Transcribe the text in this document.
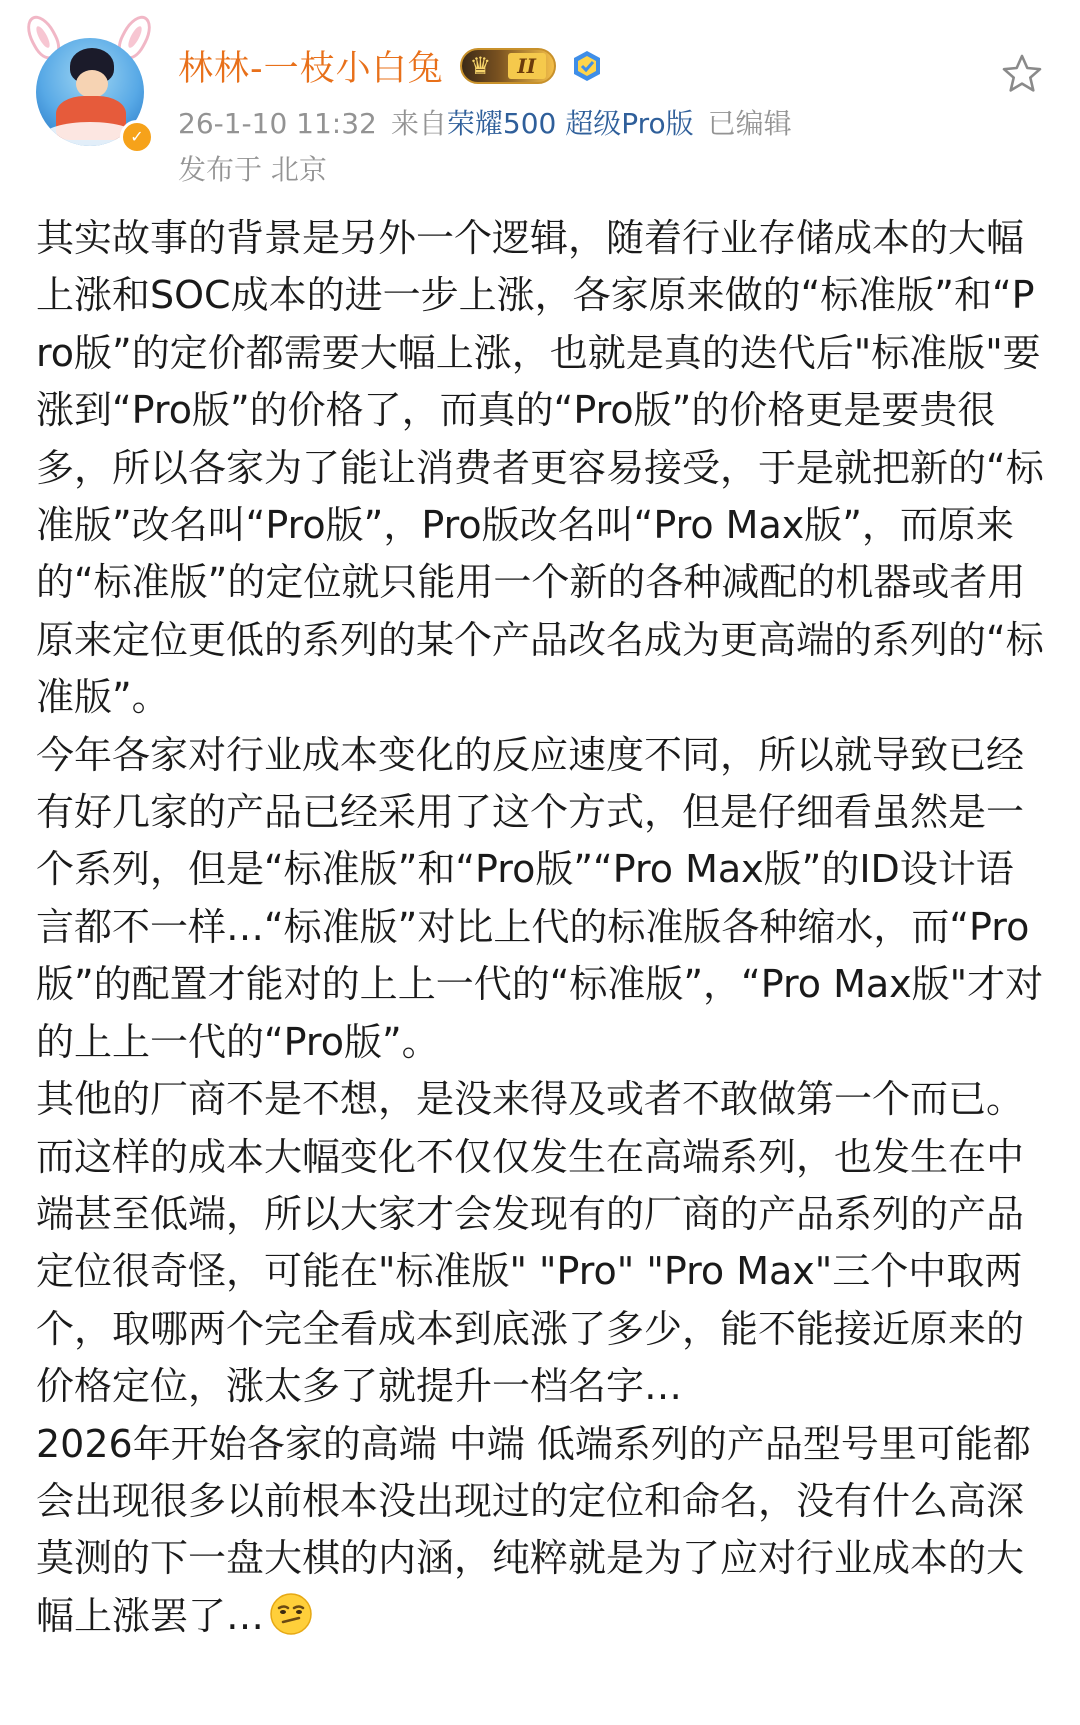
✓
林林-一枝小白兔 ♛	II
26-1-10 11:32 来自荣耀500 超级Pro版 已编辑
发布于 北京

其实故事的背景是另外一个逻辑，随着行业存储成本的大幅上涨和SOC成本的进一步上涨，各家原来做的“标准版”和“Pro版”的定价都需要大幅上涨，也就是真的迭代后"标准版"要涨到“Pro版”的价格了，而真的“Pro版”的价格更是要贵很多，所以各家为了能让消费者更容易接受，于是就把新的“标准版”改名叫“Pro版”，Pro版改名叫“Pro Max版”，而原来的“标准版”的定位就只能用一个新的各种减配的机器或者用原来定位更低的系列的某个产品改名成为更高端的系列的“标准版”。

今年各家对行业成本变化的反应速度不同，所以就导致已经有好几家的产品已经采用了这个方式，但是仔细看虽然是一个系列，但是“标准版”和“Pro版”“Pro Max版”的ID设计语言都不一样…“标准版”对比上代的标准版各种缩水，而“Pro版”的配置才能对的上上一代的“标准版”，“Pro Max版"才对的上上一代的“Pro版”。

其他的厂商不是不想，是没来得及或者不敢做第一个而已。

而这样的成本大幅变化不仅仅发生在高端系列，也发生在中端甚至低端，所以大家才会发现有的厂商的产品系列的产品定位很奇怪，可能在"标准版" "Pro" "Pro Max"三个中取两个，取哪两个完全看成本到底涨了多少，能不能接近原来的价格定位，涨太多了就提升一档名字…

2026年开始各家的高端 中端 低端系列的产品型号里可能都会出现很多以前根本没出现过的定位和命名，没有什么高深莫测的下一盘大棋的内涵，纯粹就是为了应对行业成本的大幅上涨罢了…
